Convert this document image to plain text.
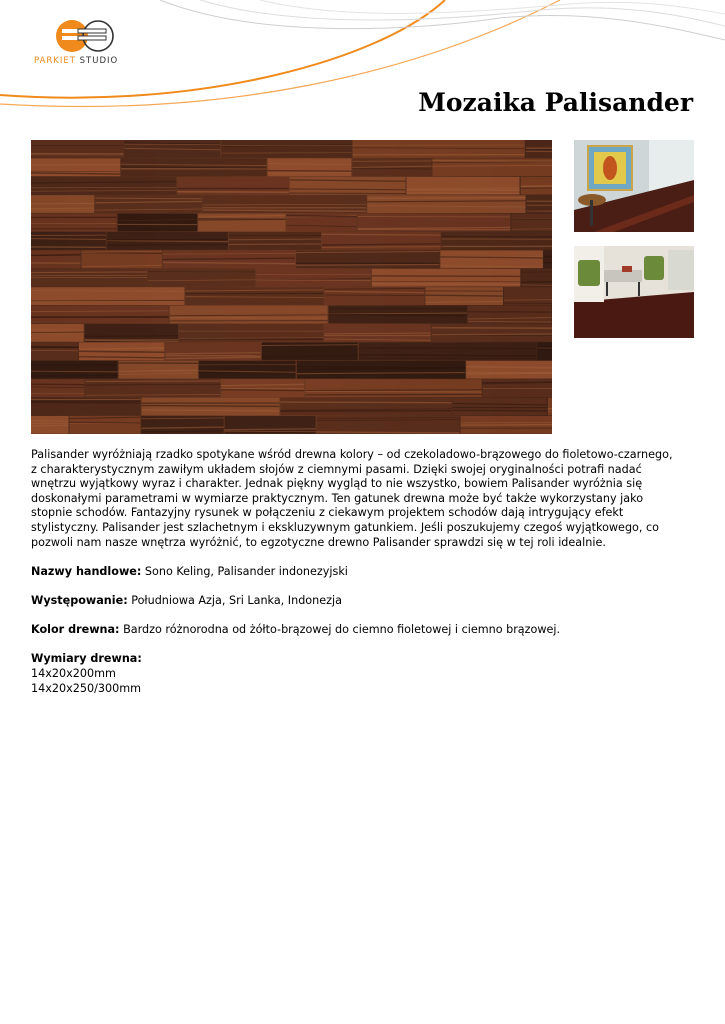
PARKIET STUDIO
Mozaika Palisander

Palisander wyróżniają rzadko spotykane wśród drewna kolory – od czekoladowo-brązowego do fioletowo-czarnego, z charakterystycznym zawiłym układem słojów z ciemnymi pasami. Dzięki swojej oryginalności potrafi nadać wnętrzu wyjątkowy wyraz i charakter. Jednak piękny wygląd to nie wszystko, bowiem Palisander wyróżnia się doskonałymi parametrami w wymiarze praktycznym. Ten gatunek drewna może być także wykorzystany jako stopnie schodów. Fantazyjny rysunek w połączeniu z ciekawym projektem schodów dają intrygujący efekt stylistyczny. Palisander jest szlachetnym i ekskluzywnym gatunkiem. Jeśli poszukujemy czegoś wyjątkowego, co pozwoli nam nasze wnętrza wyróżnić, to egzotyczne drewno Palisander sprawdzi się w tej roli idealnie.

Nazwy handlowe: Sono Keling, Palisander indonezyjski

Występowanie: Południowa Azja, Sri Lanka, Indonezja

Kolor drewna: Bardzo różnorodna od żółto-brązowej do ciemno fioletowej i ciemno brązowej.

Wymiary drewna:
14x20x200mm
14x20x250/300mm
